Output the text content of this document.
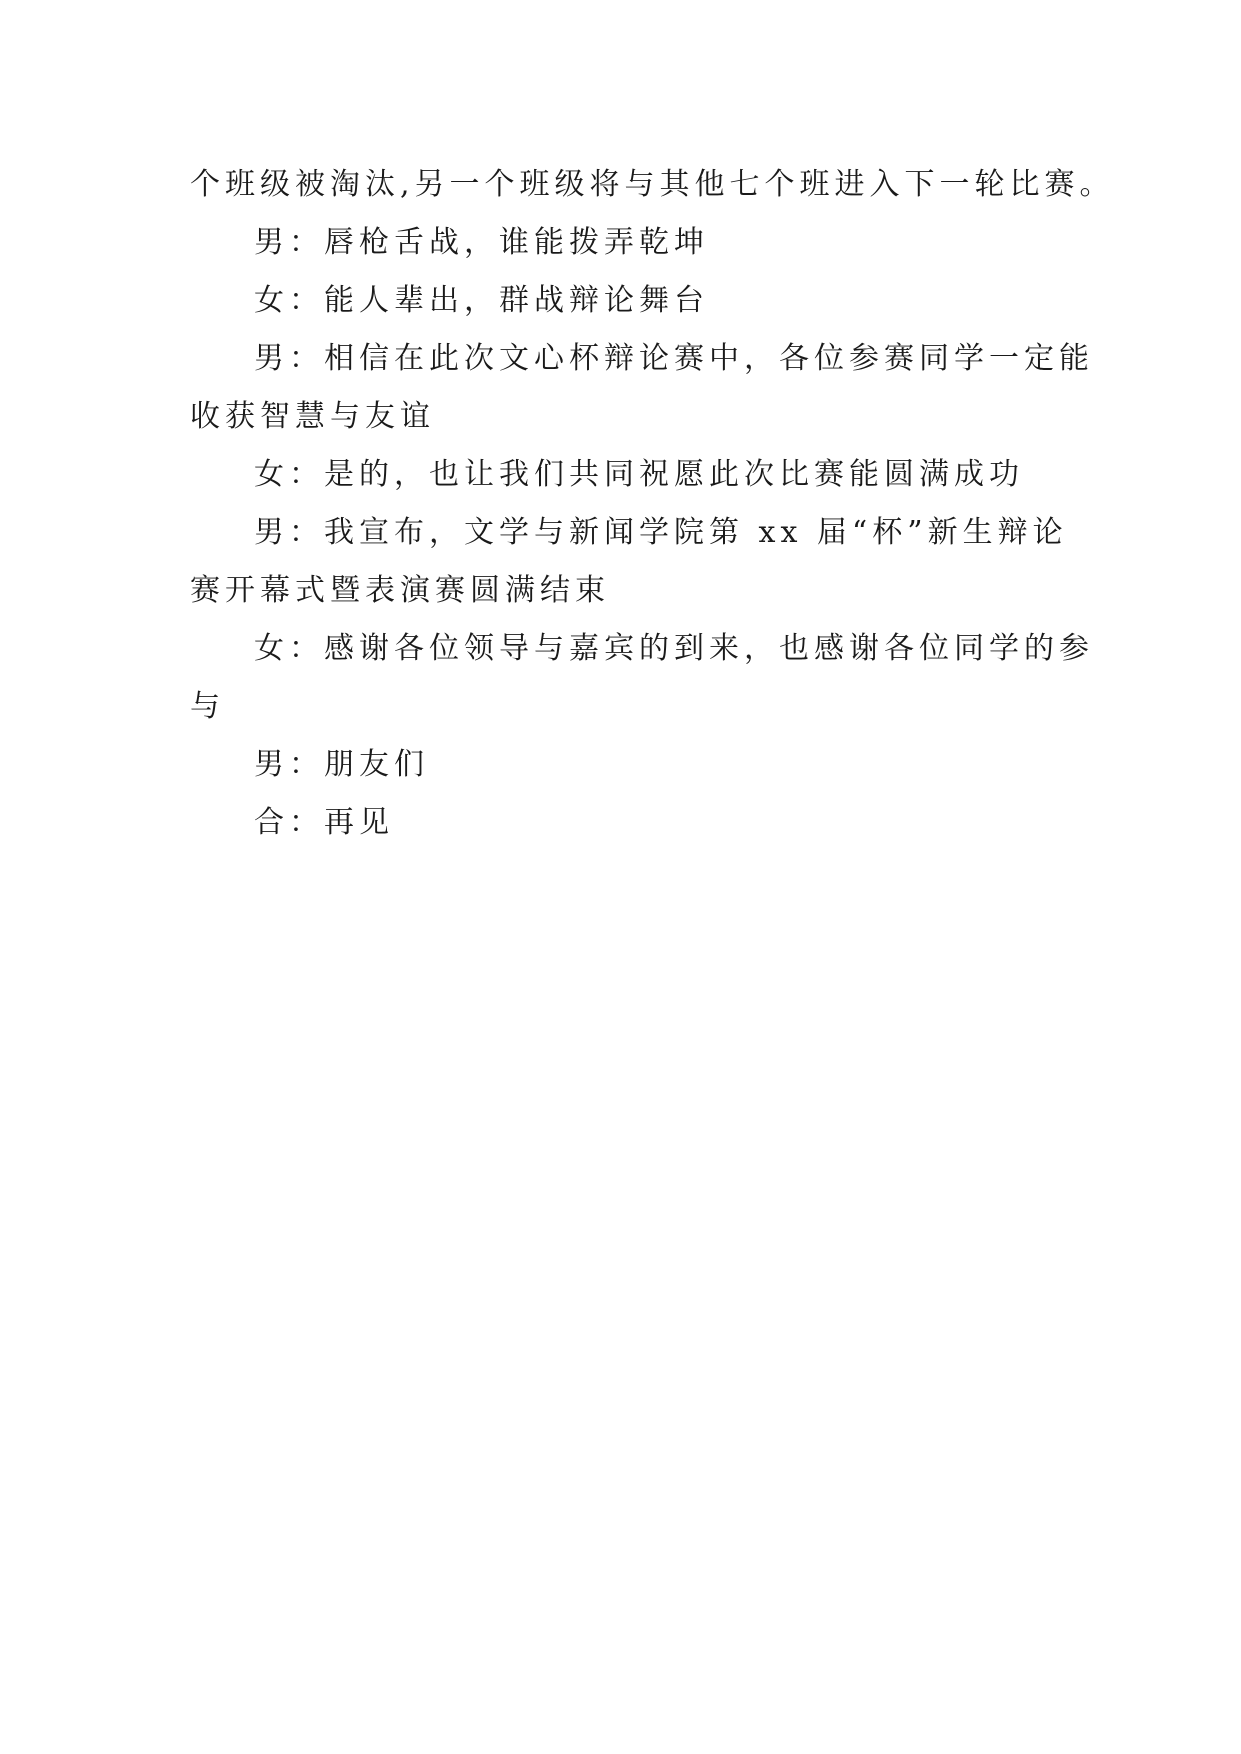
个班级被淘汰,另一个班级将与其他七个班进入下一轮比赛。
男：唇枪舌战，谁能拨弄乾坤
女：能人辈出，群战辩论舞台
男：相信在此次文心杯辩论赛中，各位参赛同学一定能
收获智慧与友谊
女：是的，也让我们共同祝愿此次比赛能圆满成功
男：我宣布，文学与新闻学院第 xx 届“杯”新生辩论
赛开幕式暨表演赛圆满结束
女：感谢各位领导与嘉宾的到来，也感谢各位同学的参
与
男：朋友们
合：再见
